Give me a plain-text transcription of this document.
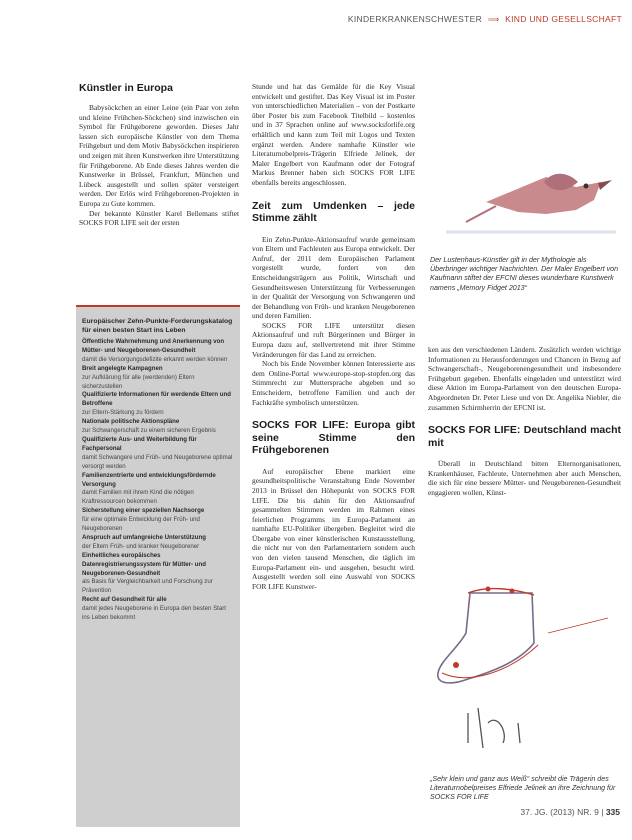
KINDERKRANKENSCHWESTER ⟹ KIND UND GESELLSCHAFT
Künstler in Europa

Babysöckchen an einer Leine (ein Paar von zehn und kleine Frühchen-Söckchen) sind inzwischen ein Symbol für Frühgeborene geworden. Dieses Jahr lassen sich europäische Künstler von dem Thema Frühgeburt und dem Motiv Babysöckchen inspirieren und zeigen mit ihren Kunstwerken ihre Unterstützung für Frühgeborene. Ab Ende dieses Jahres werden die Kunstwerke in Brüssel, Frankfurt, München und Lübeck ausgestellt und sollen später versteigert werden. Der Erlös wird Frühgeborenen-Projekten in Europa zu Gute kommen.

Der bekannte Künstler Karel Bellemans stiftet SOCKS FOR LIFE seit der ersten

Europäischer Zehn-Punkte-Forderungskatalog für einen besten Start ins Leben
Öffentliche Wahrnehmung und Anerkennung von Mütter- und Neugeborenen-Gesundheit
damit die Versorgungsdefizite erkannt werden können
Breit angelegte Kampagnen
zur Aufklärung für alle (werdenden) Eltern sicherzustellen
Qualifizierte Informationen für werdende Eltern und Betroffene
zur Eltern-Stärkung zu fördern
Nationale politische Aktionspläne
zur Schwangerschaft zu einem sicheren Ergebnis
Qualifizierte Aus- und Weiterbildung für Fachpersonal
damit Schwangere und Früh- und Neugeborene optimal versorgt werden
Familienzentrierte und entwicklungsfördernde Versorgung
damit Familien mit ihrem Kind die nötigen Kraftressourcen bekommen
Sicherstellung einer speziellen Nachsorge
für eine optimale Entwicklung der Früh- und Neugeborenen
Anspruch auf umfangreiche Unterstützung
der Eltern Früh- und kranker Neugeborener
Einheitliches europäisches Datenregistrierungssystem für Mütter- und Neugeborenen-Gesundheit
als Basis für Vergleichbarkeit und Forschung zur Prävention
Recht auf Gesundheit für alle
damit jedes Neugeborene in Europa den besten Start ins Leben bekommt

Stunde und hat das Gemälde für die Key Visual entwickelt und gestiftet. Das Key Visual ist im Poster von unterschiedlichen Materialien – von der Postkarte über Poster bis zum Facebook Titelbild – kostenlos und in 37 Sprachen online auf www.socksforlife.org erhältlich und kann zum Teil mit Logos und Texten ergänzt werden. Andere namhafte Künstler wie Literaturnobelpreis-Trägerin Elfriede Jelinek, der Maler Engelbert von Kaufmann oder der Fotograf Markus Brenner haben sich SOCKS FOR LIFE ebenfalls bereits angeschlossen.

Zeit zum Umdenken – jede Stimme zählt

Ein Zehn-Punkte-Aktionsaufruf wurde gemeinsam von Eltern und Fachleuten aus Europa entwickelt. Der Aufruf, der 2011 dem Europäischen Parlament vorgestellt wurde, fordert von den Entscheidungsträgern aus Politik, Wirtschaft und Gesundheitswesen Unterstützung für Verbesserungen in der Qualität der Versorgung von Schwangeren und der Behandlung von Früh- und kranken Neugeborenen und deren Familien.

SOCKS FOR LIFE unterstützt diesen Aktionsaufruf und ruft Bürgerinnen und Bürger in Europa dazu auf, stellvertretend mit ihrer Stimme Veränderungen für das Land zu erreichen.

Noch bis Ende November können Interessierte aus dem Online-Portal www.europe-stop-stopfen.org das Stimmrecht zur Muttersprache abgeben und so Entscheidern, betroffene Familien und auch der Fachkräfte symbolisch unterstützen.

SOCKS FOR LIFE: Europa gibt seine Stimme den Frühgeborenen

Auf europäischer Ebene markiert eine gesundheitspolitische Veranstaltung Ende November 2013 in Brüssel den Höhepunkt von SOCKS FOR LIFE. Die bis dahin für den Aktionsaufruf gesammelten Stimmen werden im Rahmen eines feierlichen Programms im Europa-Parlament an namhafte EU-Politiker übergeben. Begleitet wird die Übergabe von einer künstlerischen Kunstausstellung, die nicht nur von den Parlamentariern sondern auch von den vielen tausend Menschen, die täglich im Europa-Parlament ein- und ausgehen, besucht wird. Ausgestellt werden soll eine Auswahl von SOCKS FOR LIFE Kunstwer-

Der Lustenhaus-Künstler gilt in der Mythologie als Überbringer wichtiger Nachrichten. Der Maler Engelbert von Kaufmann stiftet der EFCNI dieses wunderbare Kunstwerk namens „Memory Fidget 2013“

ken aus den verschiedenen Ländern. Zusätzlich werden wichtige Informationen zu Herausforderungen und Chancen in Bezug auf Schwangerschaft-, Neugeborenengesundheit und insbesondere Frühgeburt gegeben. Ebenfalls eingeladen und unterstützt wird diese Aktion im Europa-Parlament von den deutschen Europa-Abgeordneten Dr. Peter Liese und von Dr. Angelika Niebler, die zusammen Schirmherrin der EFCNI ist.

SOCKS FOR LIFE: Deutschland macht mit

Überall in Deutschland bitten Elternorganisationen, Krankenhäuser, Fachleute, Unternehmen aber auch Menschen, die sich für eine bessere Mütter- und Neugeborenen-Gesundheit engagieren wollen, Künst-

„Sehr klein und ganz aus Weiß“ schreibt die Trägerin des Literaturnobelpreises Elfriede Jelinek an ihre Zeichnung für SOCKS FOR LIFE
37. JG. (2013) NR. 9 | 335
